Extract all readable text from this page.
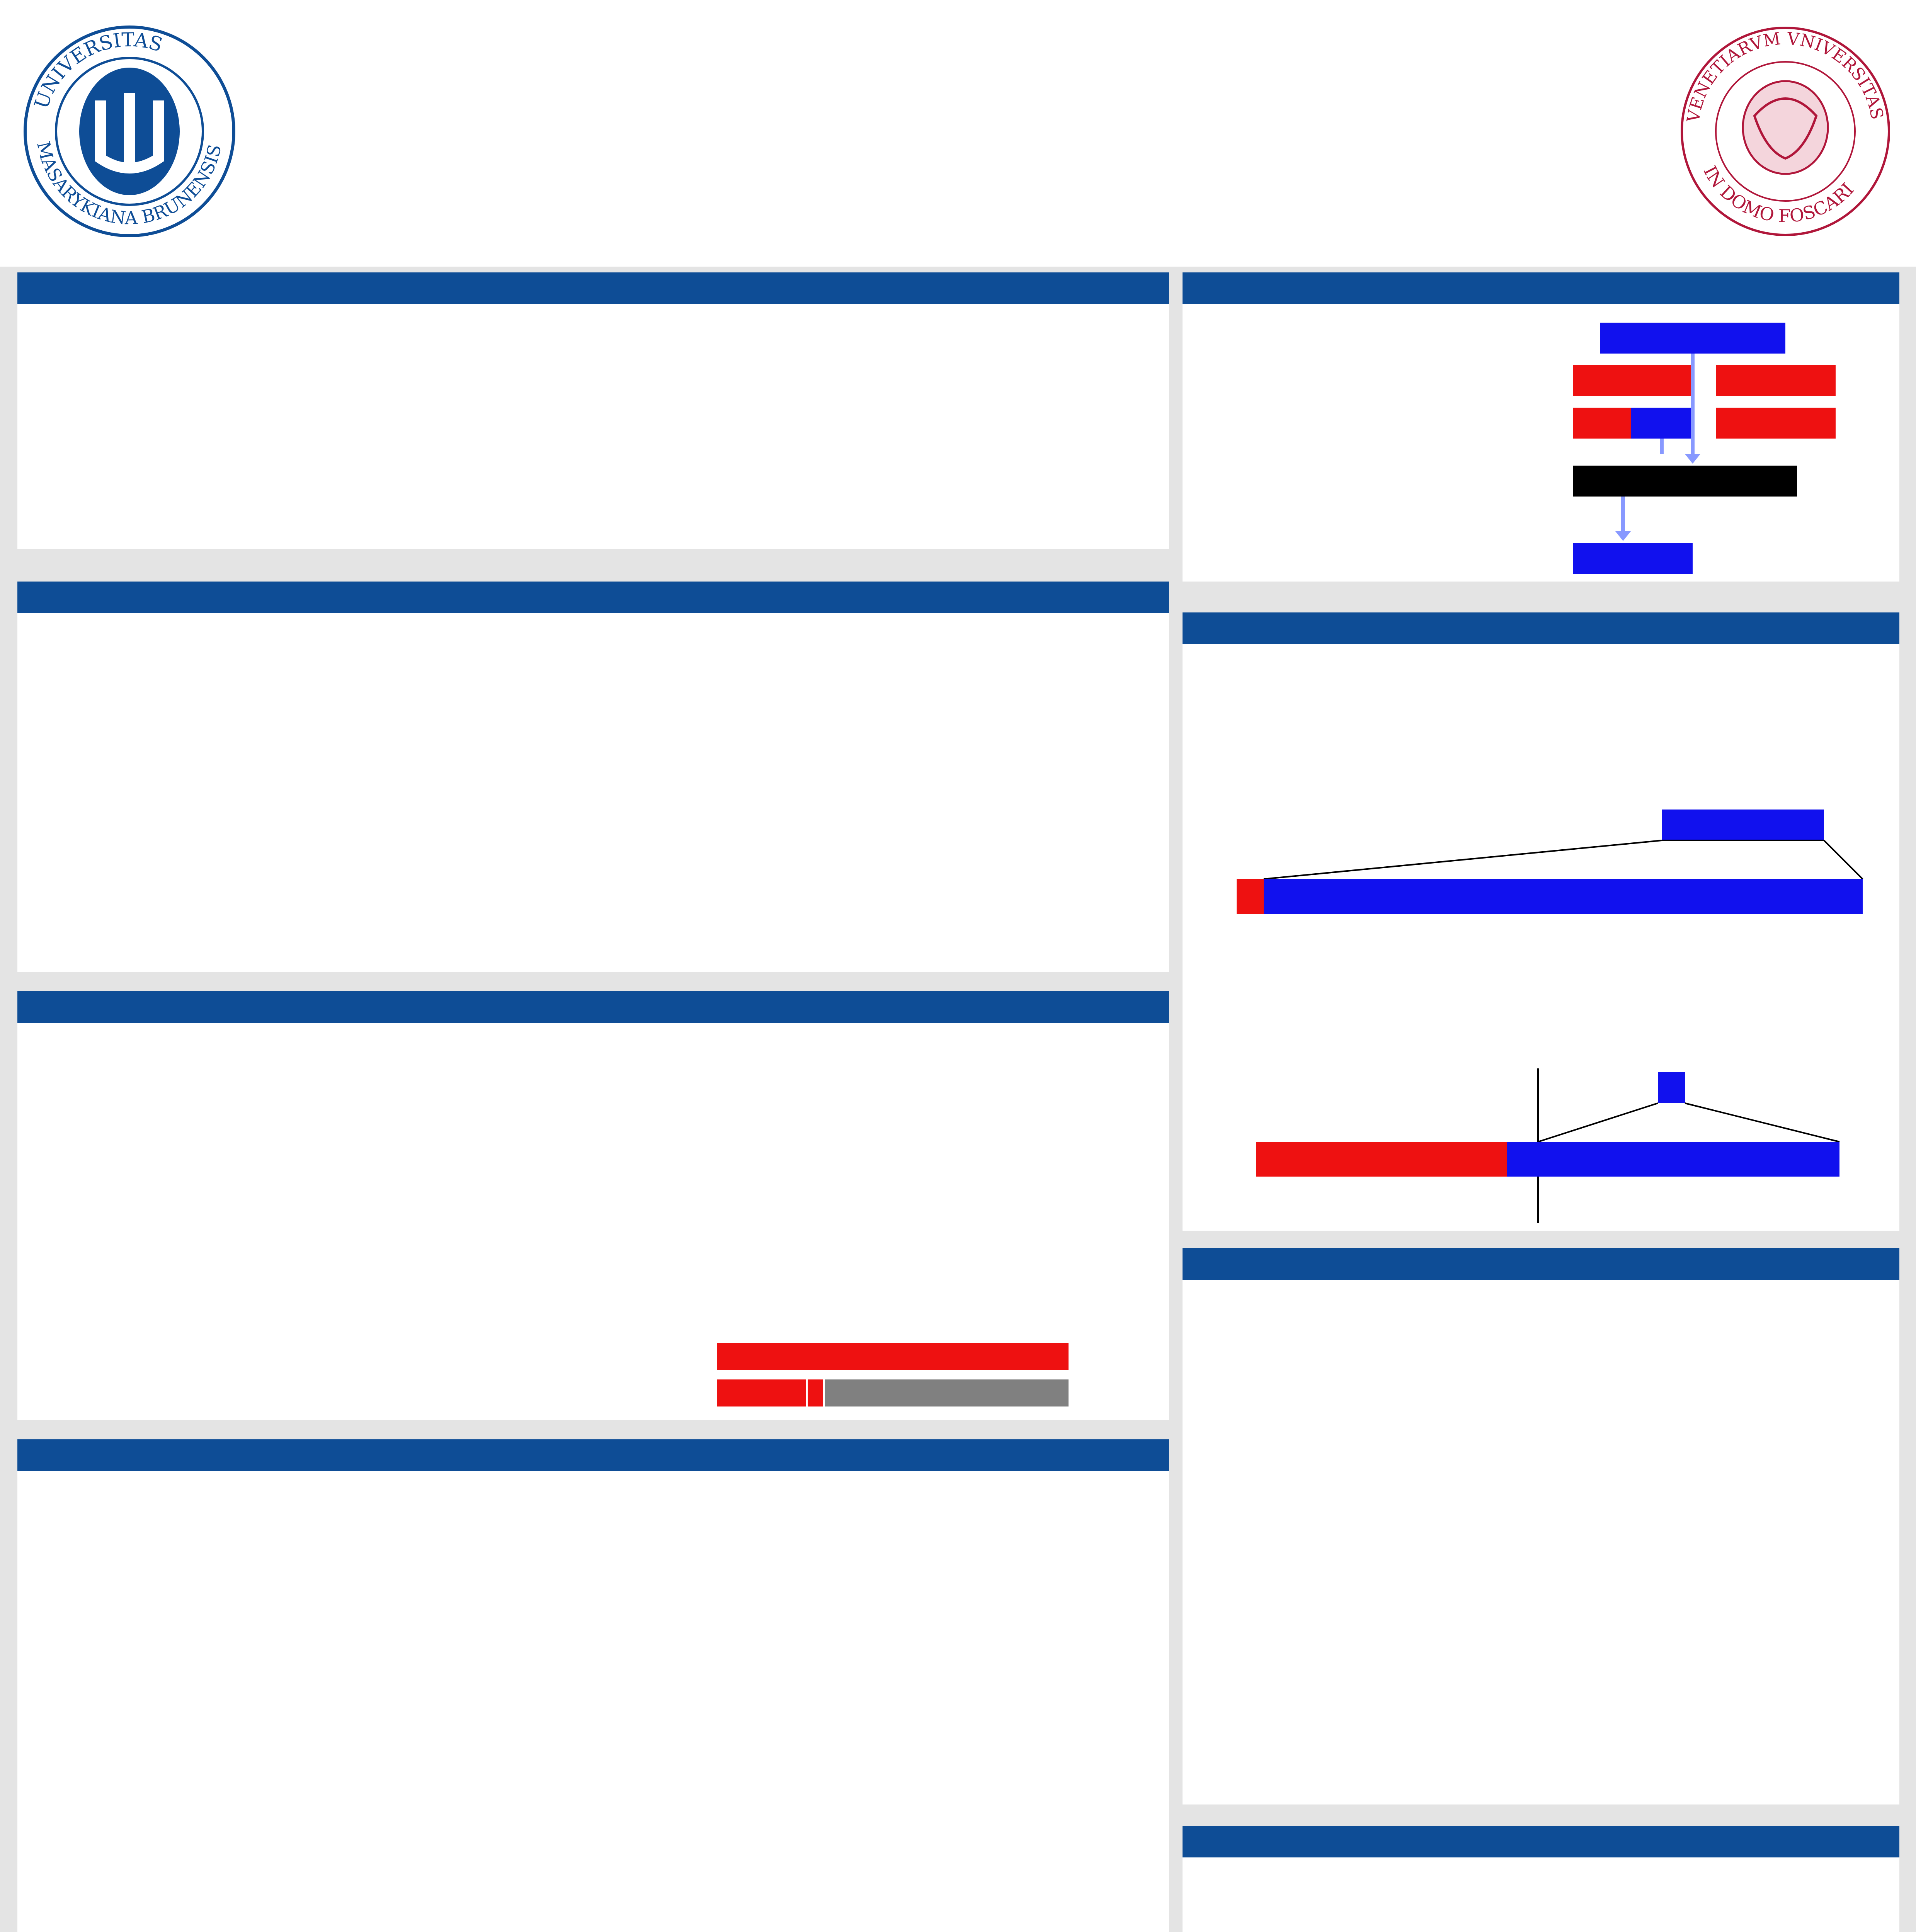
UNIVERSITAS
MASARYKIANA BRUNENSIS
VENETIARVM VNIVERSITAS
IN DOMO FOSCARI
